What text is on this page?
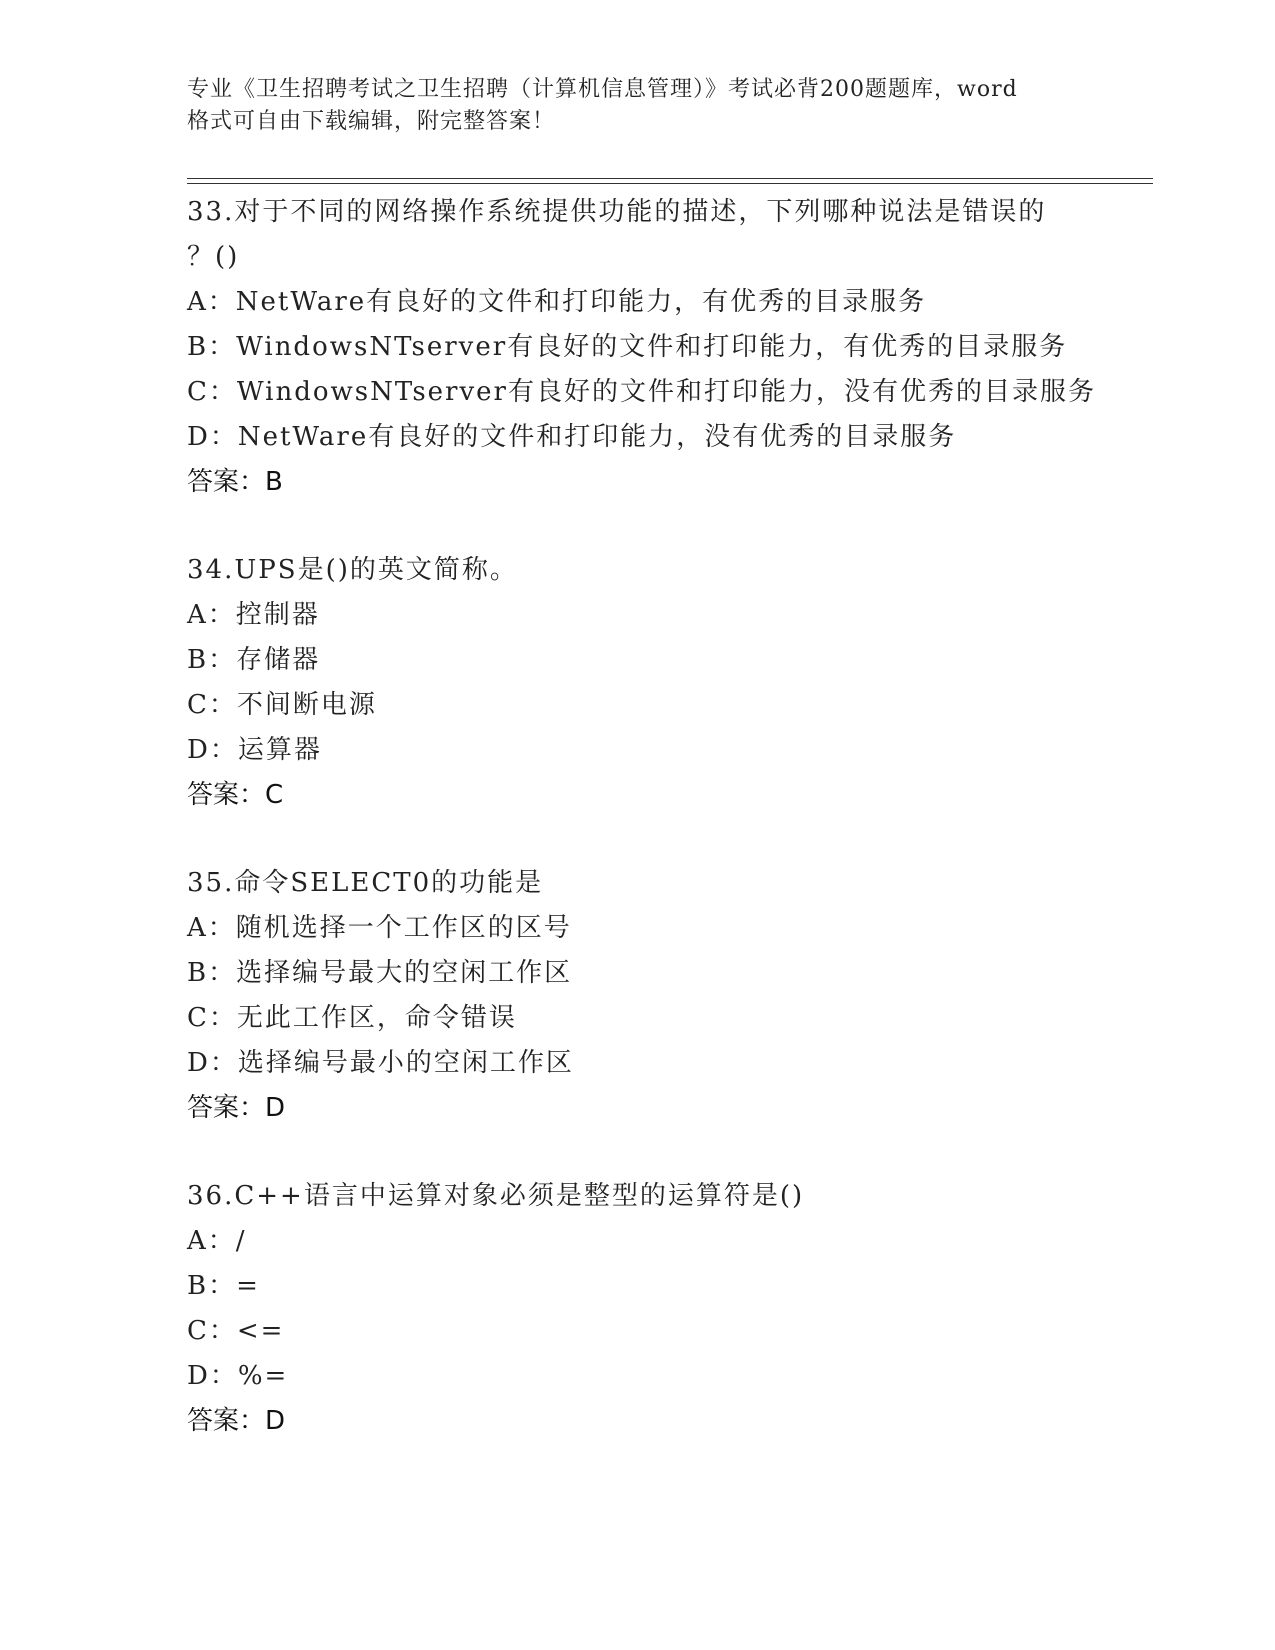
专业《卫生招聘考试之卫生招聘（计算机信息管理）》考试必背200题题库，word
格式可自由下载编辑，附完整答案！
33.对于不同的网络操作系统提供功能的描述，下列哪种说法是错误的
？()
A：NetWare有良好的文件和打印能力，有优秀的目录服务
B：WindowsNTserver有良好的文件和打印能力，有优秀的目录服务
C：WindowsNTserver有良好的文件和打印能力，没有优秀的目录服务
D：NetWare有良好的文件和打印能力，没有优秀的目录服务
答案：B
34.UPS是()的英文简称。
A：控制器
B：存储器
C：不间断电源
D：运算器
答案：C
35.命令SELECT0的功能是
A：随机选择一个工作区的区号
B：选择编号最大的空闲工作区
C：无此工作区，命令错误
D：选择编号最小的空闲工作区
答案：D
36.C++语言中运算对象必须是整型的运算符是()
A：/
B：=
C：<=
D：%=
答案：D
